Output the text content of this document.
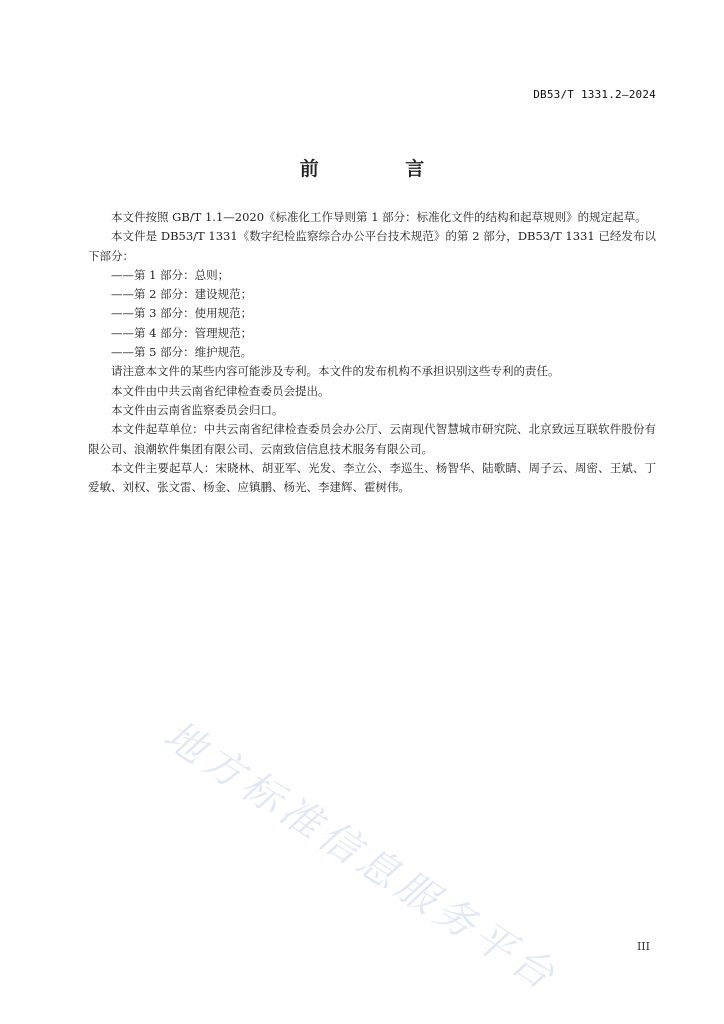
DB53/T 1331.2—2024
前 言

本文件按照 GB/T 1.1—2020《标准化工作导则第 1 部分：标准化文件的结构和起草规则》的规定起草。

本文件是 DB53/T 1331《数字纪检监察综合办公平台技术规范》的第 2 部分，DB53/T 1331 已经发布以下部分：

——第 1 部分：总则；

——第 2 部分：建设规范；

——第 3 部分：使用规范；

——第 4 部分：管理规范；

——第 5 部分：维护规范。

请注意本文件的某些内容可能涉及专利。本文件的发布机构不承担识别这些专利的责任。

本文件由中共云南省纪律检查委员会提出。

本文件由云南省监察委员会归口。

本文件起草单位：中共云南省纪律检查委员会办公厅、云南现代智慧城市研究院、北京致远互联软件股份有限公司、浪潮软件集团有限公司、云南致信信息技术服务有限公司。

本文件主要起草人：宋晓林、胡亚军、光发、李立公、李巡生、杨智华、陆歌睛、周子云、周密、王斌、丁爱敏、刘权、张文雷、杨金、应镇鹏、杨光、李建辉、霍树伟。

地方标准信息服务平台	III
